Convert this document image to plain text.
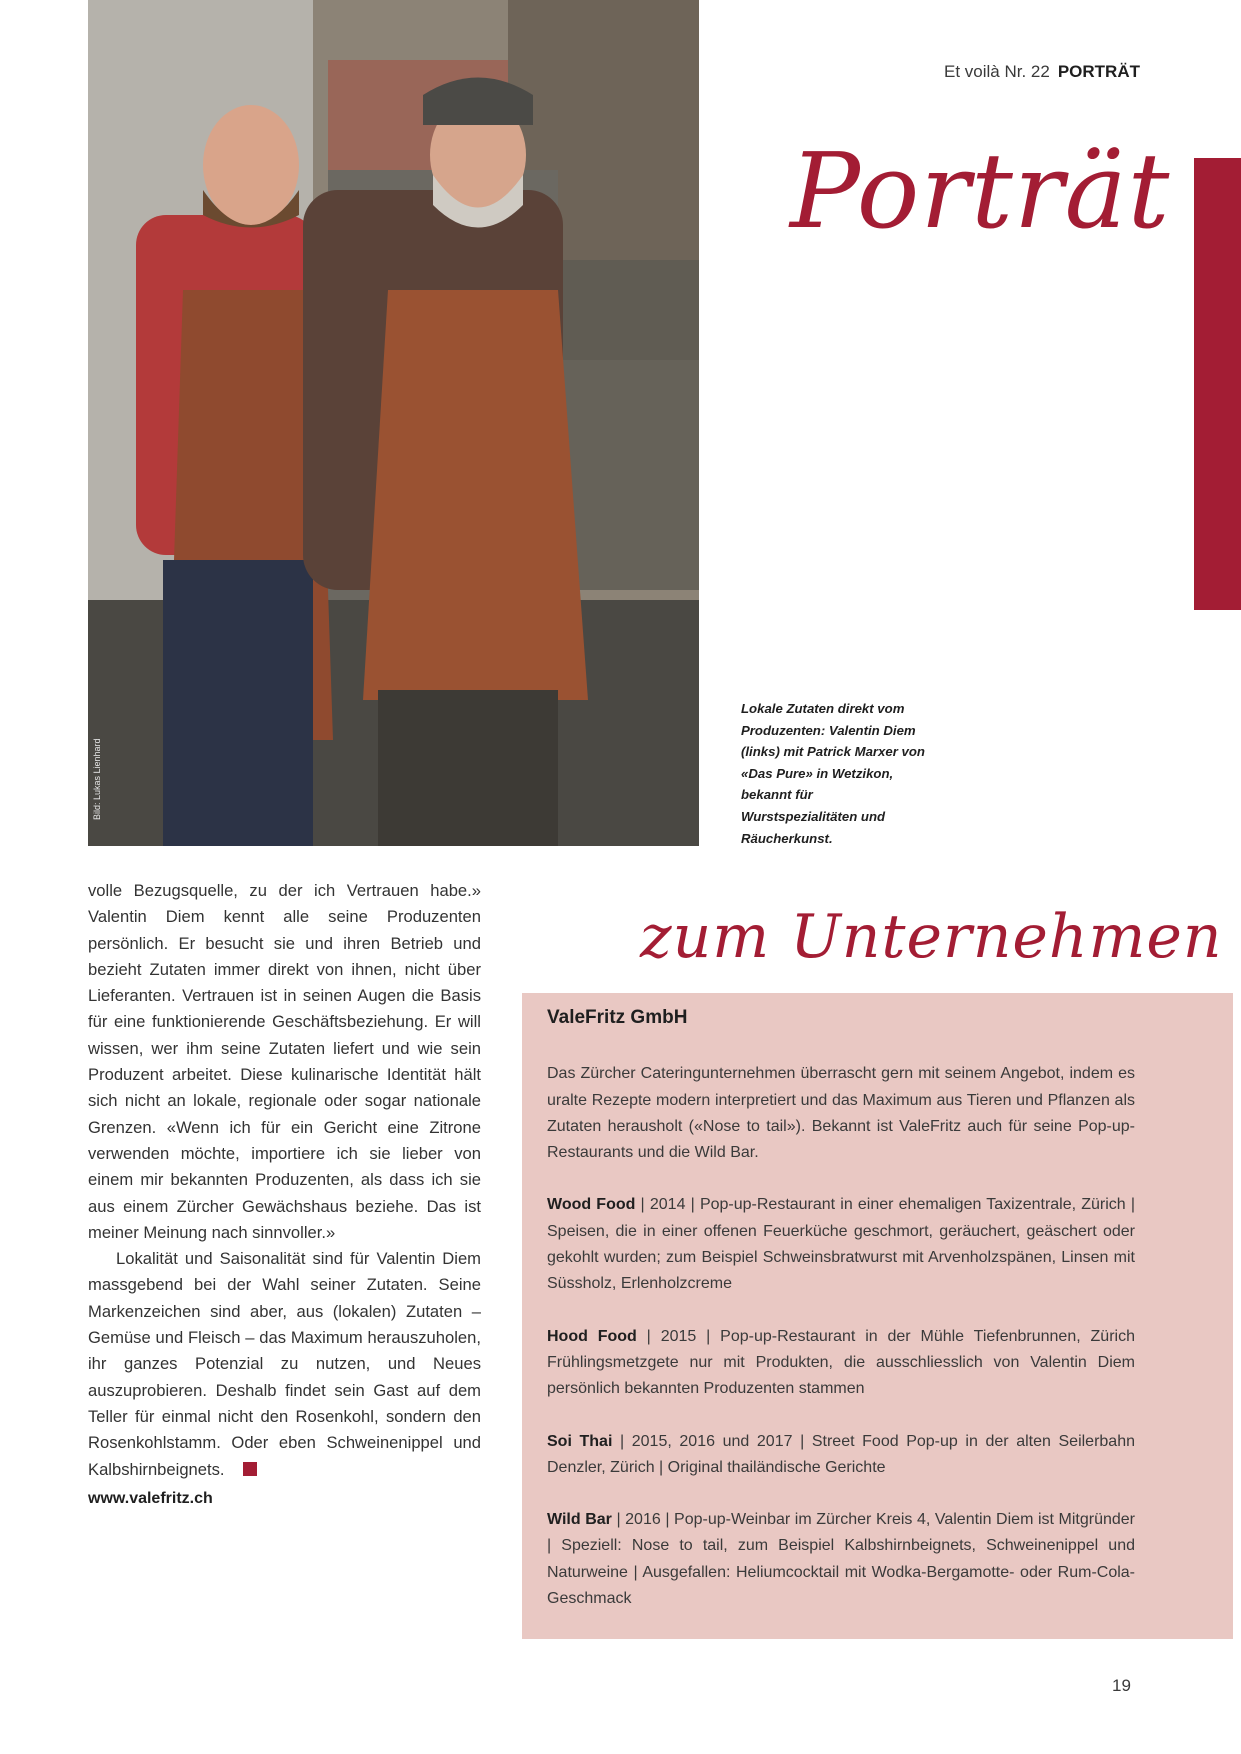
Et voilà Nr. 22 PORTRÄT
Porträt
Bild: Lukas Lienhard
Lokale Zutaten direkt vom Produzenten: Valentin Diem (links) mit Patrick Marxer von «Das Pure» in Wetzikon, bekannt für Wurstspezialitäten und Räucherkunst.

volle Bezugsquelle, zu der ich Vertrauen habe.» Valentin Diem kennt alle seine Produzenten persönlich. Er besucht sie und ihren Betrieb und bezieht Zutaten immer direkt von ihnen, nicht über Lieferanten. Vertrauen ist in seinen Augen die Basis für eine funktionierende Geschäftsbeziehung. Er will wissen, wer ihm seine Zutaten liefert und wie sein Produzent arbeitet. Diese kulinarische Identität hält sich nicht an lokale, regionale oder sogar nationale Grenzen. «Wenn ich für ein Gericht eine Zitrone verwenden möchte, importiere ich sie lieber von einem mir bekannten Produzenten, als dass ich sie aus einem Zürcher Gewächshaus beziehe. Das ist meiner Meinung nach sinnvoller.»

Lokalität und Saisonalität sind für Valentin Diem massgebend bei der Wahl seiner Zutaten. Seine Markenzeichen sind aber, aus (lokalen) Zutaten – Gemüse und Fleisch – das Maximum herauszuholen, ihr ganzes Potenzial zu nutzen, und Neues auszuprobieren. Deshalb findet sein Gast auf dem Teller für einmal nicht den Rosenkohl, sondern den Rosenkohlstamm. Oder eben Schweinenippel und Kalbshirnbeignets.

www.valefritz.ch
zum Unternehmen
ValeFritz GmbH

Das Zürcher Cateringunternehmen überrascht gern mit seinem Angebot, indem es uralte Rezepte modern interpretiert und das Maximum aus Tieren und Pflanzen als Zutaten herausholt («Nose to tail»). Bekannt ist ValeFritz auch für seine Pop-up-Restaurants und die Wild Bar.

Wood Food | 2014 | Pop-up-Restaurant in einer ehemaligen Taxizentrale, Zürich | Speisen, die in einer offenen Feuerküche geschmort, geräuchert, geäschert oder gekohlt wurden; zum Beispiel Schweinsbratwurst mit Arvenholzspänen, Linsen mit Süssholz, Erlenholzcreme

Hood Food | 2015 | Pop-up-Restaurant in der Mühle Tiefenbrunnen, Zürich Frühlingsmetzgete nur mit Produkten, die ausschliesslich von Valentin Diem persönlich bekannten Produzenten stammen

Soi Thai | 2015, 2016 und 2017 | Street Food Pop-up in der alten Seilerbahn Denzler, Zürich | Original thailändische Gerichte

Wild Bar | 2016 | Pop-up-Weinbar im Zürcher Kreis 4, Valentin Diem ist Mitgründer | Speziell: Nose to tail, zum Beispiel Kalbshirnbeignets, Schweinenippel und Naturweine | Ausgefallen: Heliumcocktail mit Wodka-Bergamotte- oder Rum-Cola-Geschmack

19
